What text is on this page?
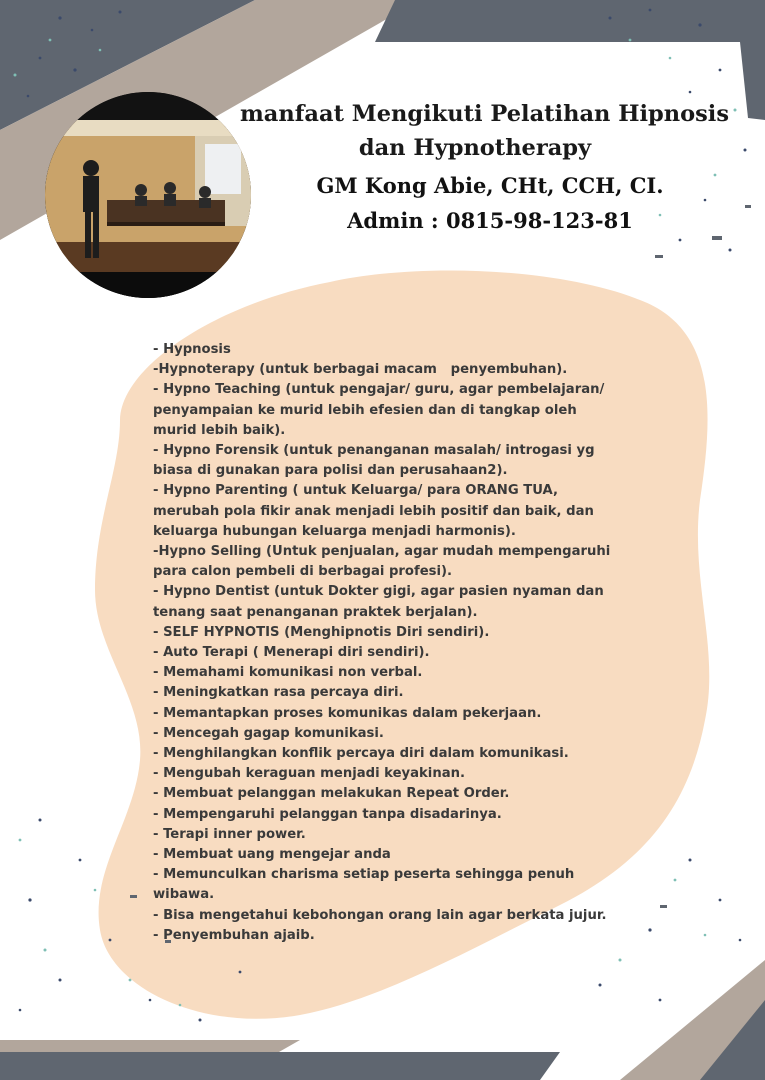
manfaat Mengikuti Pelatihan Hipnosis
dan Hypnotherapy
GM Kong Abie, CHt, CCH, CI.
Admin : 0815-98-123-81
- Hypnosis
-Hypnoterapy (untuk berbagai macam   penyembuhan).
- Hypno Teaching (untuk pengajar/ guru, agar pembelajaran/
penyampaian ke murid lebih efesien dan di tangkap oleh
murid lebih baik).
- Hypno Forensik (untuk penanganan masalah/ introgasi yg
biasa di gunakan para polisi dan perusahaan2).
- Hypno Parenting ( untuk Keluarga/ para ORANG TUA,
merubah pola fikir anak menjadi lebih positif dan baik, dan
keluarga hubungan keluarga menjadi harmonis).
-Hypno Selling (Untuk penjualan, agar mudah mempengaruhi
para calon pembeli di berbagai profesi).
- Hypno Dentist (untuk Dokter gigi, agar pasien nyaman dan
tenang saat penanganan praktek berjalan).
- SELF HYPNOTIS (Menghipnotis Diri sendiri).
- Auto Terapi ( Menerapi diri sendiri).
- Memahami komunikasi non verbal.
- Meningkatkan rasa percaya diri.
- Memantapkan proses komunikas dalam pekerjaan.
- Mencegah gagap komunikasi.
- Menghilangkan konflik percaya diri dalam komunikasi.
- Mengubah keraguan menjadi keyakinan.
- Membuat pelanggan melakukan Repeat Order.
- Mempengaruhi pelanggan tanpa disadarinya.
- Terapi inner power.
- Membuat uang mengejar anda
- Memunculkan charisma setiap peserta sehingga penuh
wibawa.
- Bisa mengetahui kebohongan orang lain agar berkata jujur.
- Penyembuhan ajaib.
